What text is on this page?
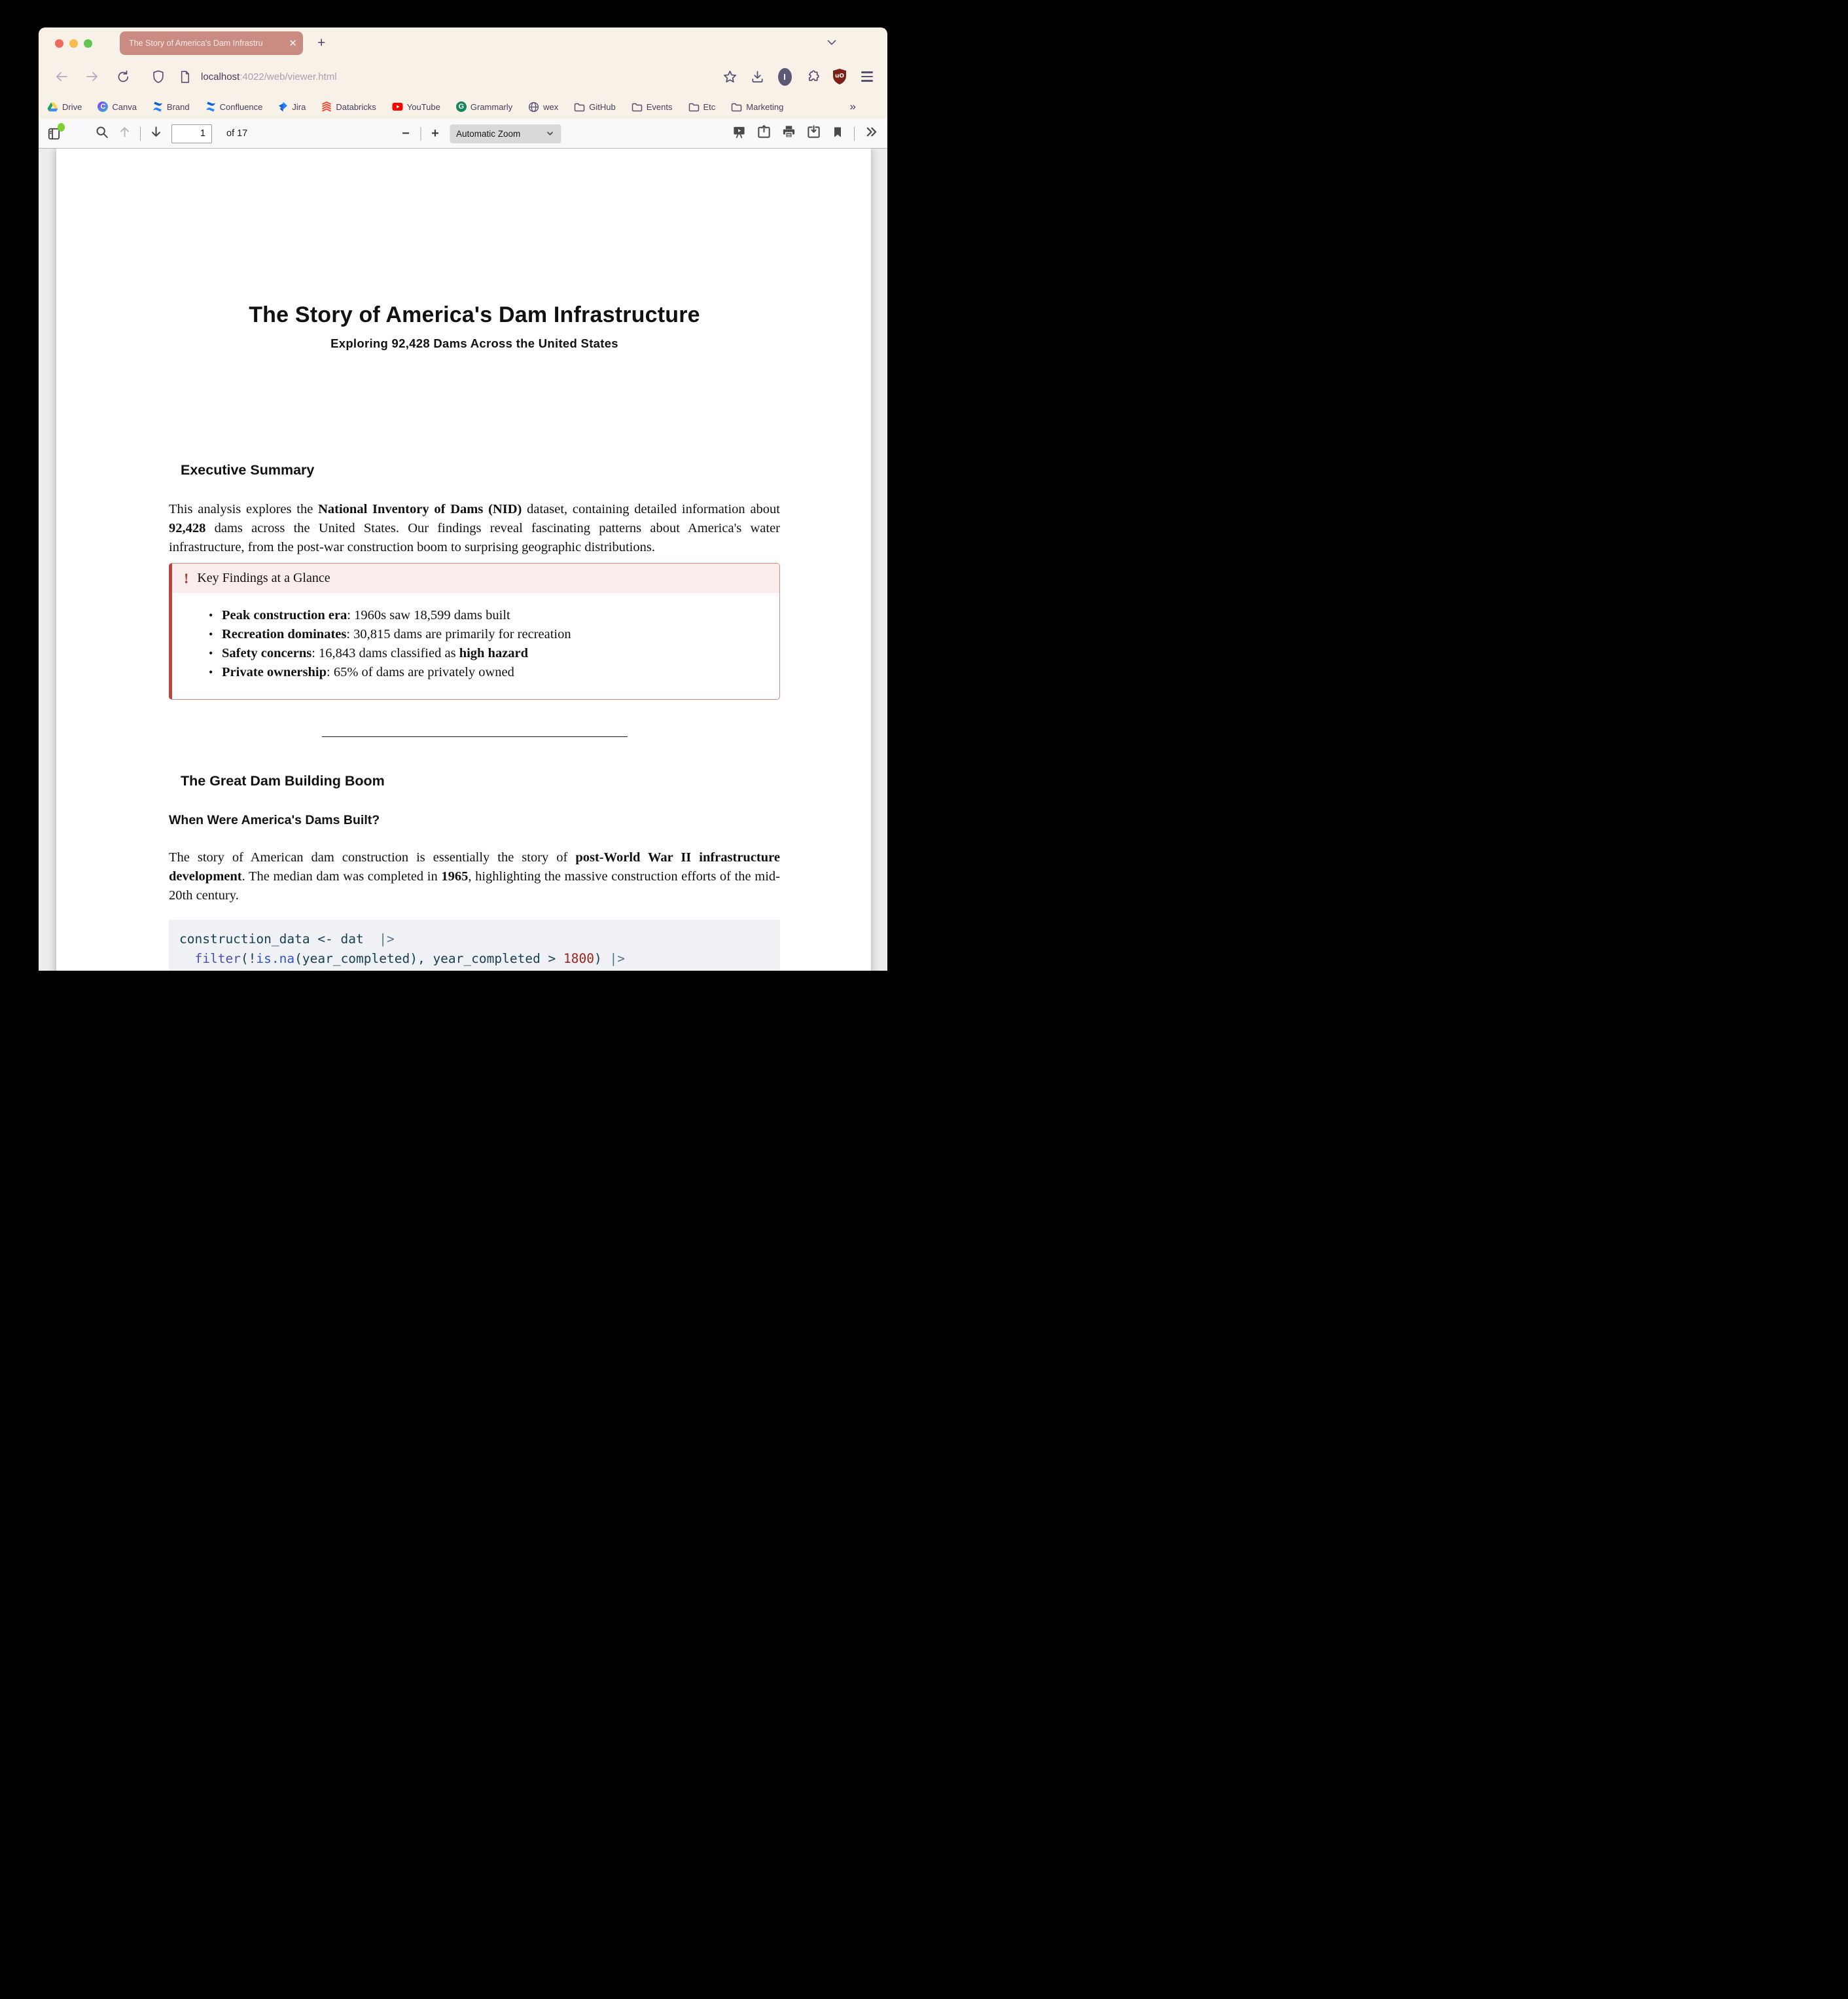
The Story of America's Dam Infrastru	✕ +
localhost:4022/web/viewer.html	I	uO
Drive	C Canva	Brand	Confluence	Jira	Databricks	YouTube	G Grammarly	wex	GitHub	Events	Etc	Marketing	»
1
of 17	− +	Automatic Zoom
The Story of America's Dam Infrastructure
Exploring 92,428 Dams Across the United States
Executive Summary
This analysis explores the National Inventory of Dams (NID) dataset, containing detailed information about 92,428 dams across the United States. Our findings reveal fascinating patterns about America's water infrastructure, from the post-war construction boom to surprising geographic distributions.
! Key Findings at a Glance
• Peak construction era: 1960s saw 18,599 dams built
• Recreation dominates: 30,815 dams are primarily for recreation
• Safety concerns: 16,843 dams classified as high hazard
• Private ownership: 65% of dams are privately owned
The Great Dam Building Boom
When Were America's Dams Built?
The story of American dam construction is essentially the story of post-World War II infrastructure development. The median dam was completed in 1965, highlighting the massive construction efforts of the mid-20th century.
construction_data <- dat  |>
filter(!is.na(year_completed), year_completed > 1800) |>
